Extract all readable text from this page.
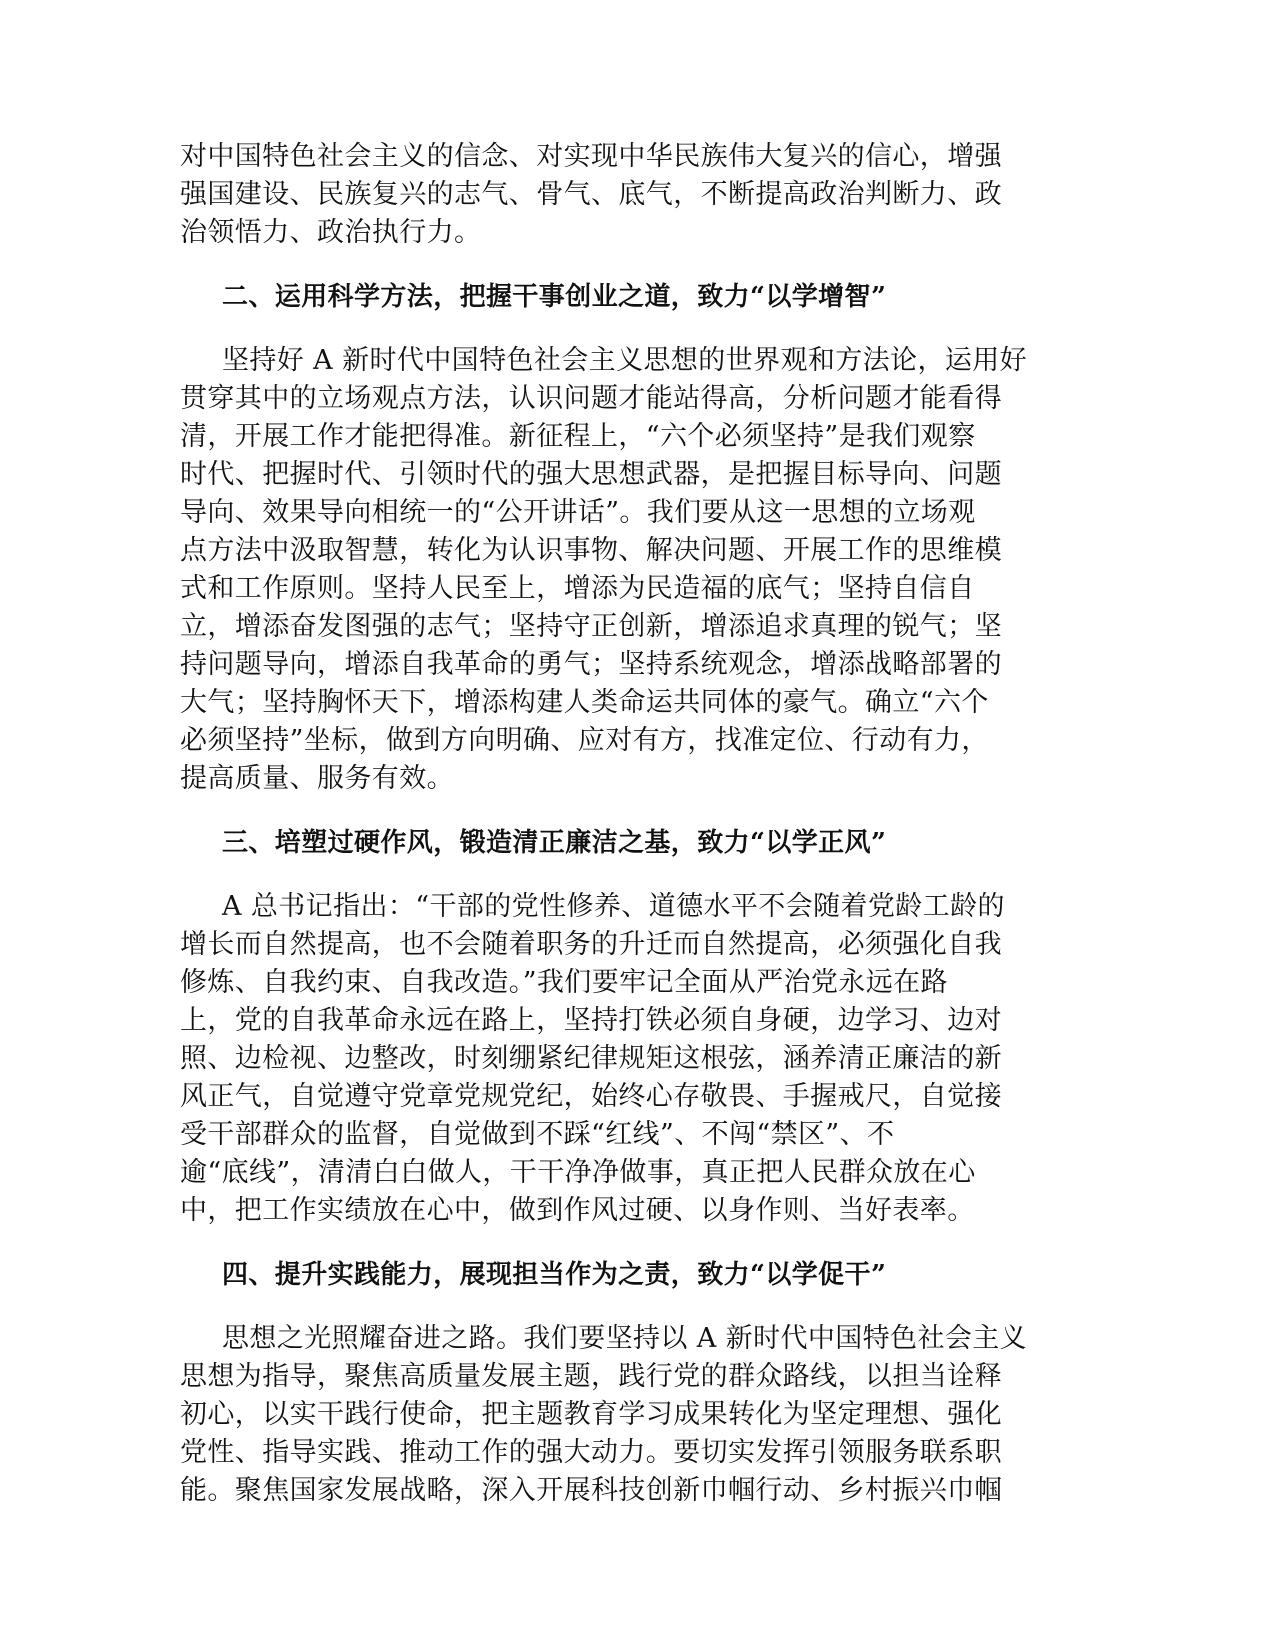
对中国特色社会主义的信念、对实现中华民族伟大复兴的信心，增强
强国建设、民族复兴的志气、骨气、底气，不断提高政治判断力、政
治领悟力、政治执行力。
二、运用科学方法，把握干事创业之道，致力“以学增智”
坚持好 A 新时代中国特色社会主义思想的世界观和方法论，运用好
贯穿其中的立场观点方法，认识问题才能站得高，分析问题才能看得
清，开展工作才能把得准。新征程上，“六个必须坚持”是我们观察
时代、把握时代、引领时代的强大思想武器，是把握目标导向、问题
导向、效果导向相统一的“公开讲话”。我们要从这一思想的立场观
点方法中汲取智慧，转化为认识事物、解决问题、开展工作的思维模
式和工作原则。坚持人民至上，增添为民造福的底气；坚持自信自
立，增添奋发图强的志气；坚持守正创新，增添追求真理的锐气；坚
持问题导向，增添自我革命的勇气；坚持系统观念，增添战略部署的
大气；坚持胸怀天下，增添构建人类命运共同体的豪气。确立“六个
必须坚持”坐标，做到方向明确、应对有方，找准定位、行动有力，
提高质量、服务有效。
三、培塑过硬作风，锻造清正廉洁之基，致力“以学正风”
A 总书记指出：“干部的党性修养、道德水平不会随着党龄工龄的
增长而自然提高，也不会随着职务的升迁而自然提高，必须强化自我
修炼、自我约束、自我改造。”我们要牢记全面从严治党永远在路
上，党的自我革命永远在路上，坚持打铁必须自身硬，边学习、边对
照、边检视、边整改，时刻绷紧纪律规矩这根弦，涵养清正廉洁的新
风正气，自觉遵守党章党规党纪，始终心存敬畏、手握戒尺，自觉接
受干部群众的监督，自觉做到不踩“红线”、不闯“禁区”、不
逾“底线”，清清白白做人，干干净净做事，真正把人民群众放在心
中，把工作实绩放在心中，做到作风过硬、以身作则、当好表率。
四、提升实践能力，展现担当作为之责，致力“以学促干”
思想之光照耀奋进之路。我们要坚持以 A 新时代中国特色社会主义
思想为指导，聚焦高质量发展主题，践行党的群众路线，以担当诠释
初心，以实干践行使命，把主题教育学习成果转化为坚定理想、强化
党性、指导实践、推动工作的强大动力。要切实发挥引领服务联系职
能。聚焦国家发展战略，深入开展科技创新巾帼行动、乡村振兴巾帼
